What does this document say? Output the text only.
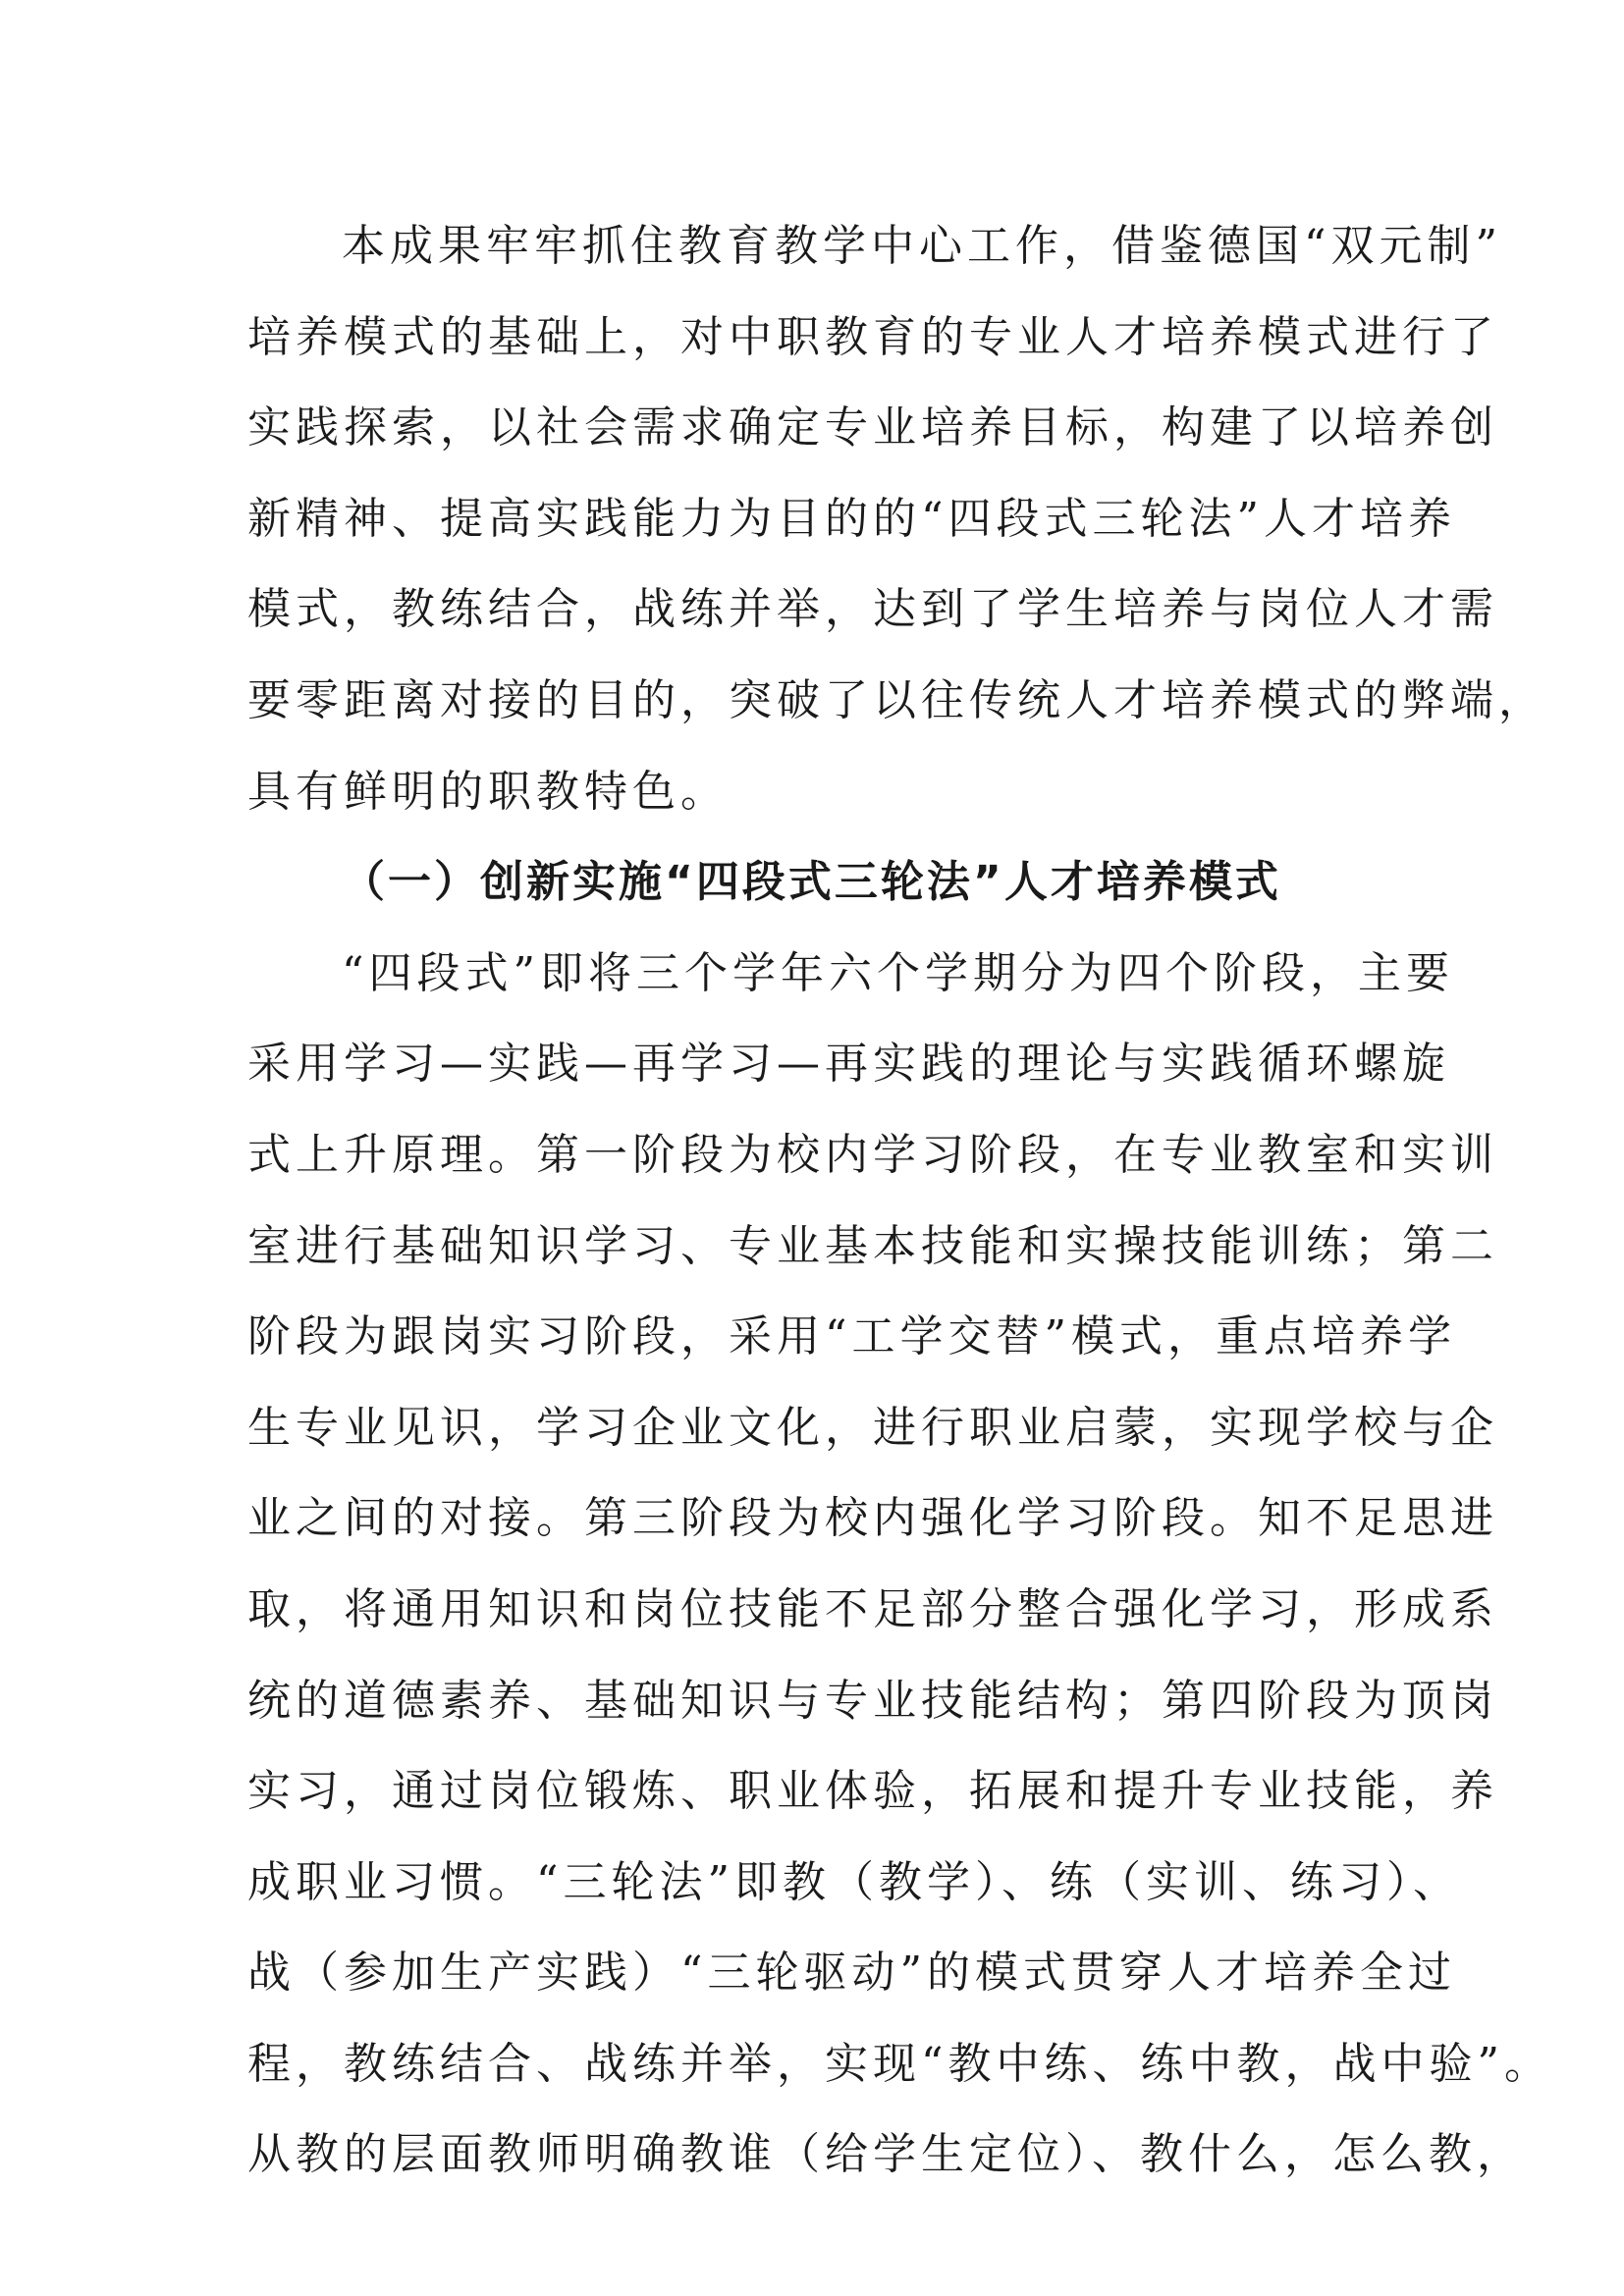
本成果牢牢抓住教育教学中心工作，借鉴德国“双元制”
培养模式的基础上，对中职教育的专业人才培养模式进行了
实践探索，以社会需求确定专业培养目标，构建了以培养创
新精神、提高实践能力为目的的“四段式三轮法”人才培养
模式，教练结合，战练并举，达到了学生培养与岗位人才需
要零距离对接的目的，突破了以往传统人才培养模式的弊端，
具有鲜明的职教特色。
（一）创新实施“四段式三轮法”人才培养模式
“四段式”即将三个学年六个学期分为四个阶段，主要
采用学习—实践—再学习—再实践的理论与实践循环螺旋
式上升原理。第一阶段为校内学习阶段，在专业教室和实训
室进行基础知识学习、专业基本技能和实操技能训练；第二
阶段为跟岗实习阶段，采用“工学交替”模式，重点培养学
生专业见识，学习企业文化，进行职业启蒙，实现学校与企
业之间的对接。第三阶段为校内强化学习阶段。知不足思进
取，将通用知识和岗位技能不足部分整合强化学习，形成系
统的道德素养、基础知识与专业技能结构；第四阶段为顶岗
实习，通过岗位锻炼、职业体验，拓展和提升专业技能，养
成职业习惯。“三轮法”即教（教学）、练（实训、练习）、
战（参加生产实践）“三轮驱动”的模式贯穿人才培养全过
程，教练结合、战练并举，实现“教中练、练中教，战中验”。
从教的层面教师明确教谁（给学生定位）、教什么，怎么教，
